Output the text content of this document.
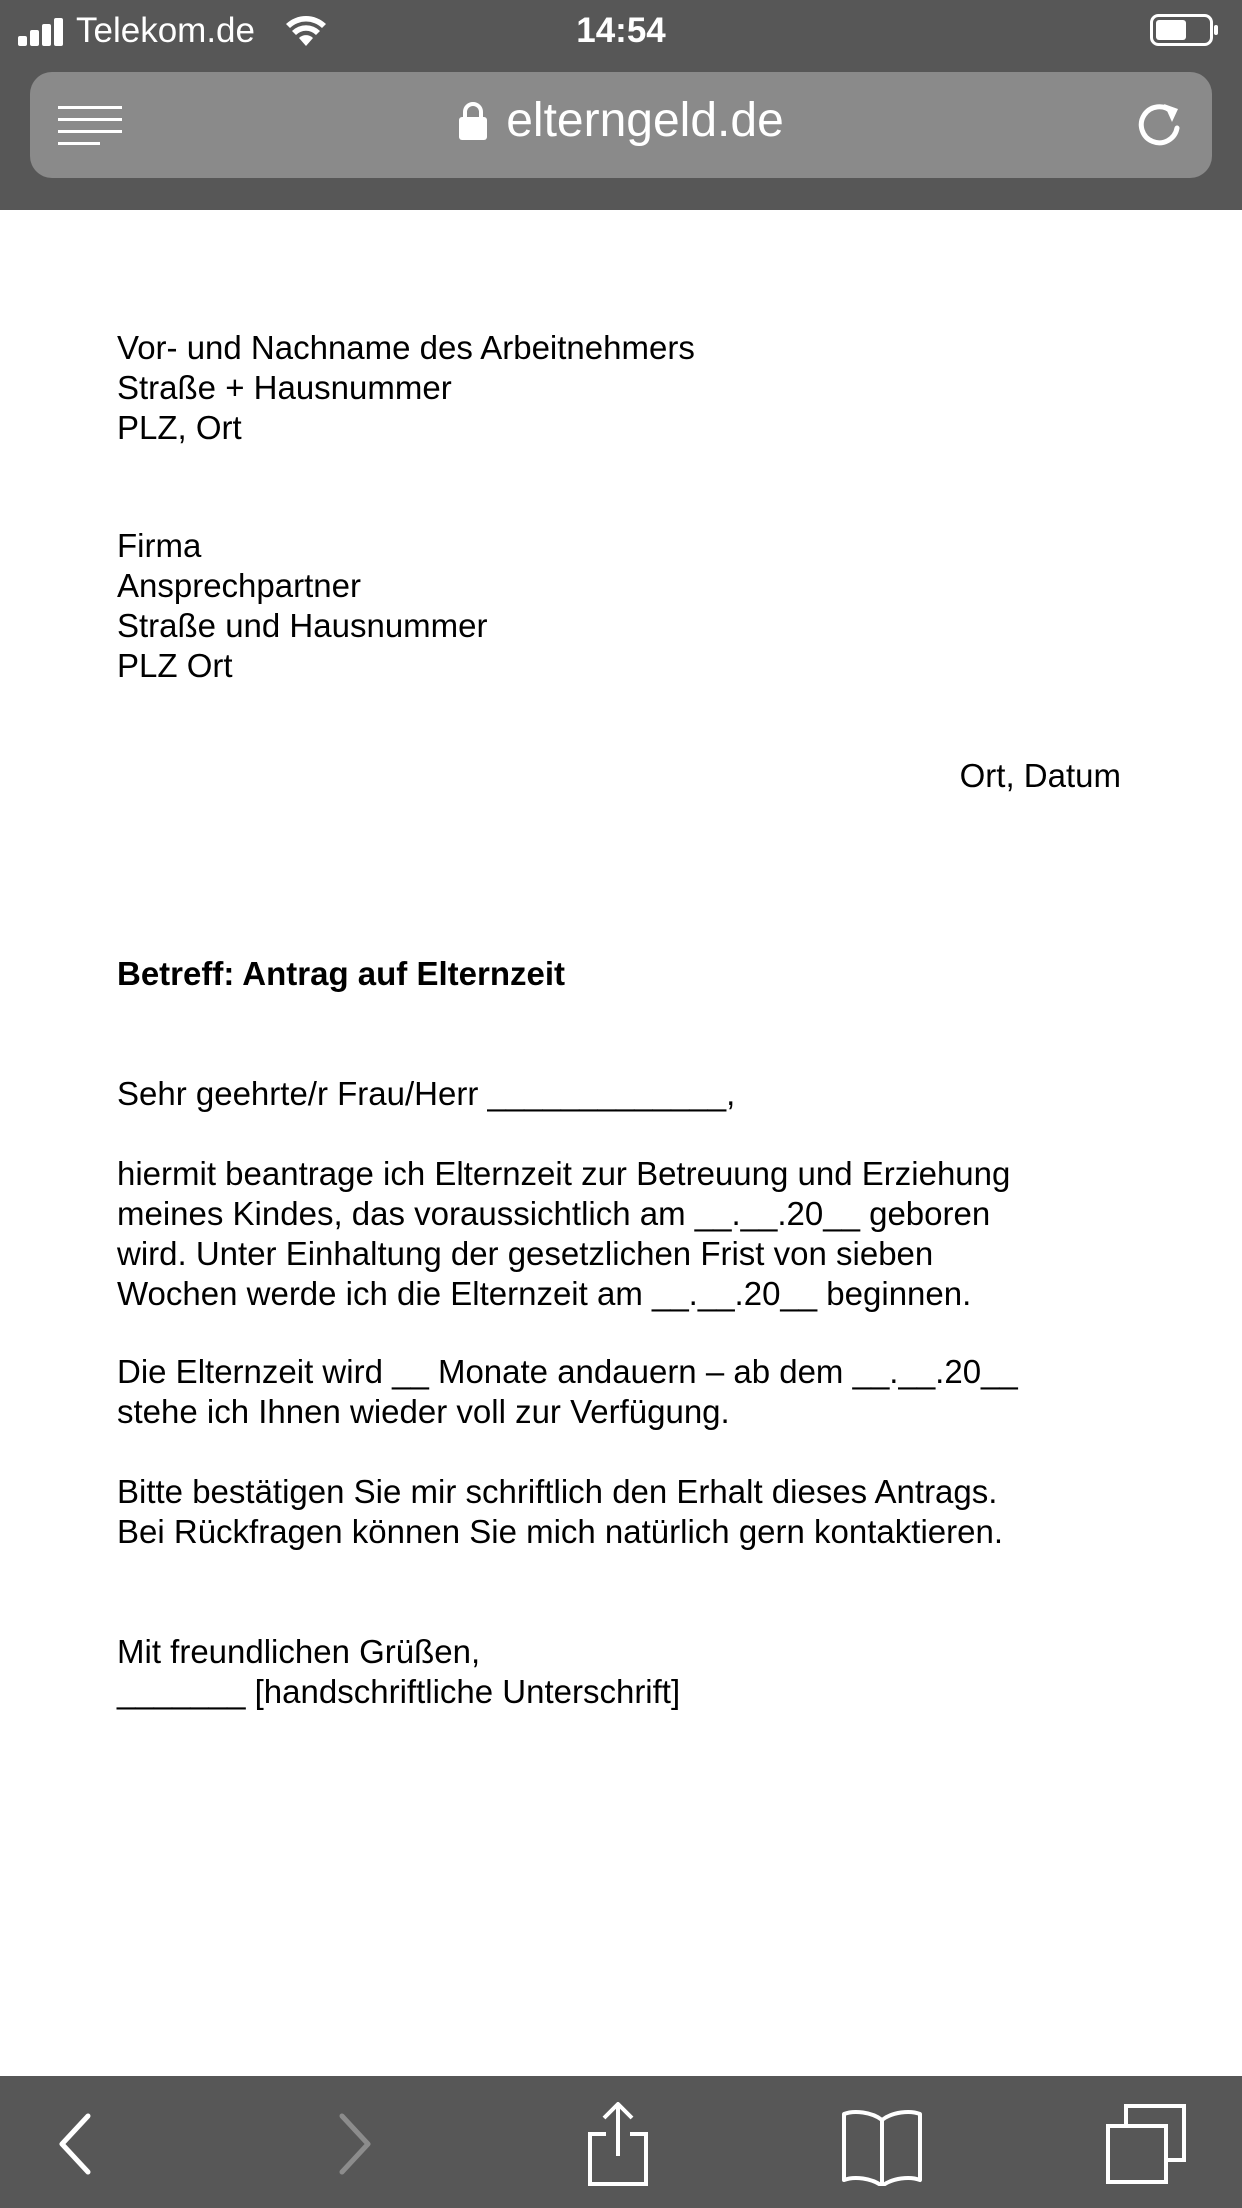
Telekom.de	14:54
elterngeld.de
Vor- und Nachname des Arbeitnehmers
Straße + Hausnummer
PLZ, Ort
Firma
Ansprechpartner
Straße und Hausnummer
PLZ Ort
Ort, Datum
Betreff: Antrag auf Elternzeit
Sehr geehrte/r Frau/Herr _____________,
hiermit beantrage ich Elternzeit zur Betreuung und Erziehung
meines Kindes, das voraussichtlich am __.__.20__ geboren
wird. Unter Einhaltung der gesetzlichen Frist von sieben
Wochen werde ich die Elternzeit am __.__.20__ beginnen.
Die Elternzeit wird __ Monate andauern – ab dem __.__.20__
stehe ich Ihnen wieder voll zur Verfügung.
Bitte bestätigen Sie mir schriftlich den Erhalt dieses Antrags.
Bei Rückfragen können Sie mich natürlich gern kontaktieren.
Mit freundlichen Grüßen,
_______ [handschriftliche Unterschrift]
